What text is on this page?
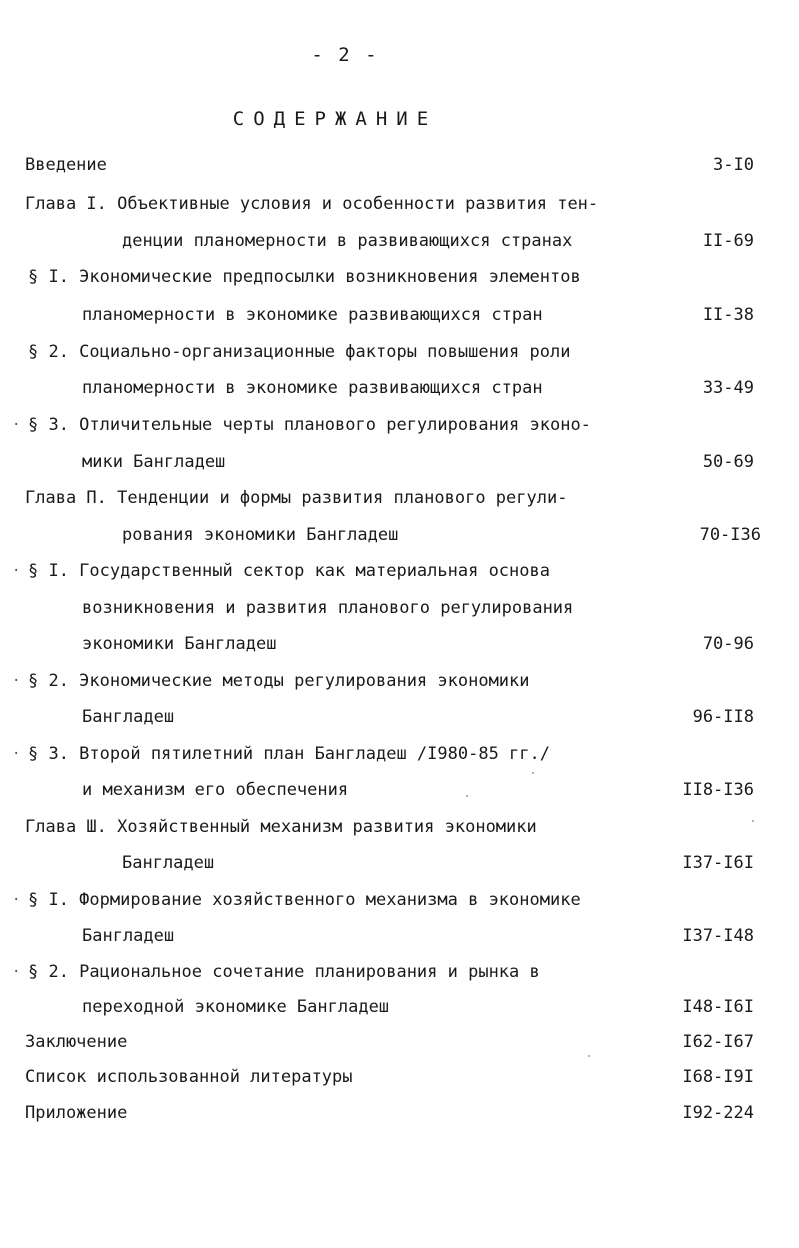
- 2 -
СОДЕРЖАНИЕ
Введение	3-I0
Глава I. Объективные условия и особенности развития тен-
денции планомерности в развивающихся странах	II-69
§ I. Экономические предпосылки возникновения элементов
планомерности в экономике развивающихся стран	II-38
§ 2. Социально-организационные факторы повышения роли
планомерности в экономике развивающихся стран	33-49
· § 3. Отличительные черты планового регулирования эконо-
мики Бангладеш	50-69
Глава П. Тенденции и формы развития планового регули-
рования экономики Бангладеш	70-I36
· § I. Государственный сектор как материальная основа
возникновения и развития планового регулирования
экономики Бангладеш	70-96
· § 2. Экономические методы регулирования экономики
Бангладеш	96-II8
· § 3. Второй пятилетний план Бангладеш /I980-85 гг./
и механизм его обеспечения	II8-I36
Глава Ш. Хозяйственный механизм развития экономики
Бангладеш	I37-I6I
· § I. Формирование хозяйственного механизма в экономике
Бангладеш	I37-I48
· § 2. Рациональное сочетание планирования и рынка в
переходной экономике Бангладеш	I48-I6I
Заключение	I62-I67
Список использованной литературы	I68-I9I
Приложение	I92-224
